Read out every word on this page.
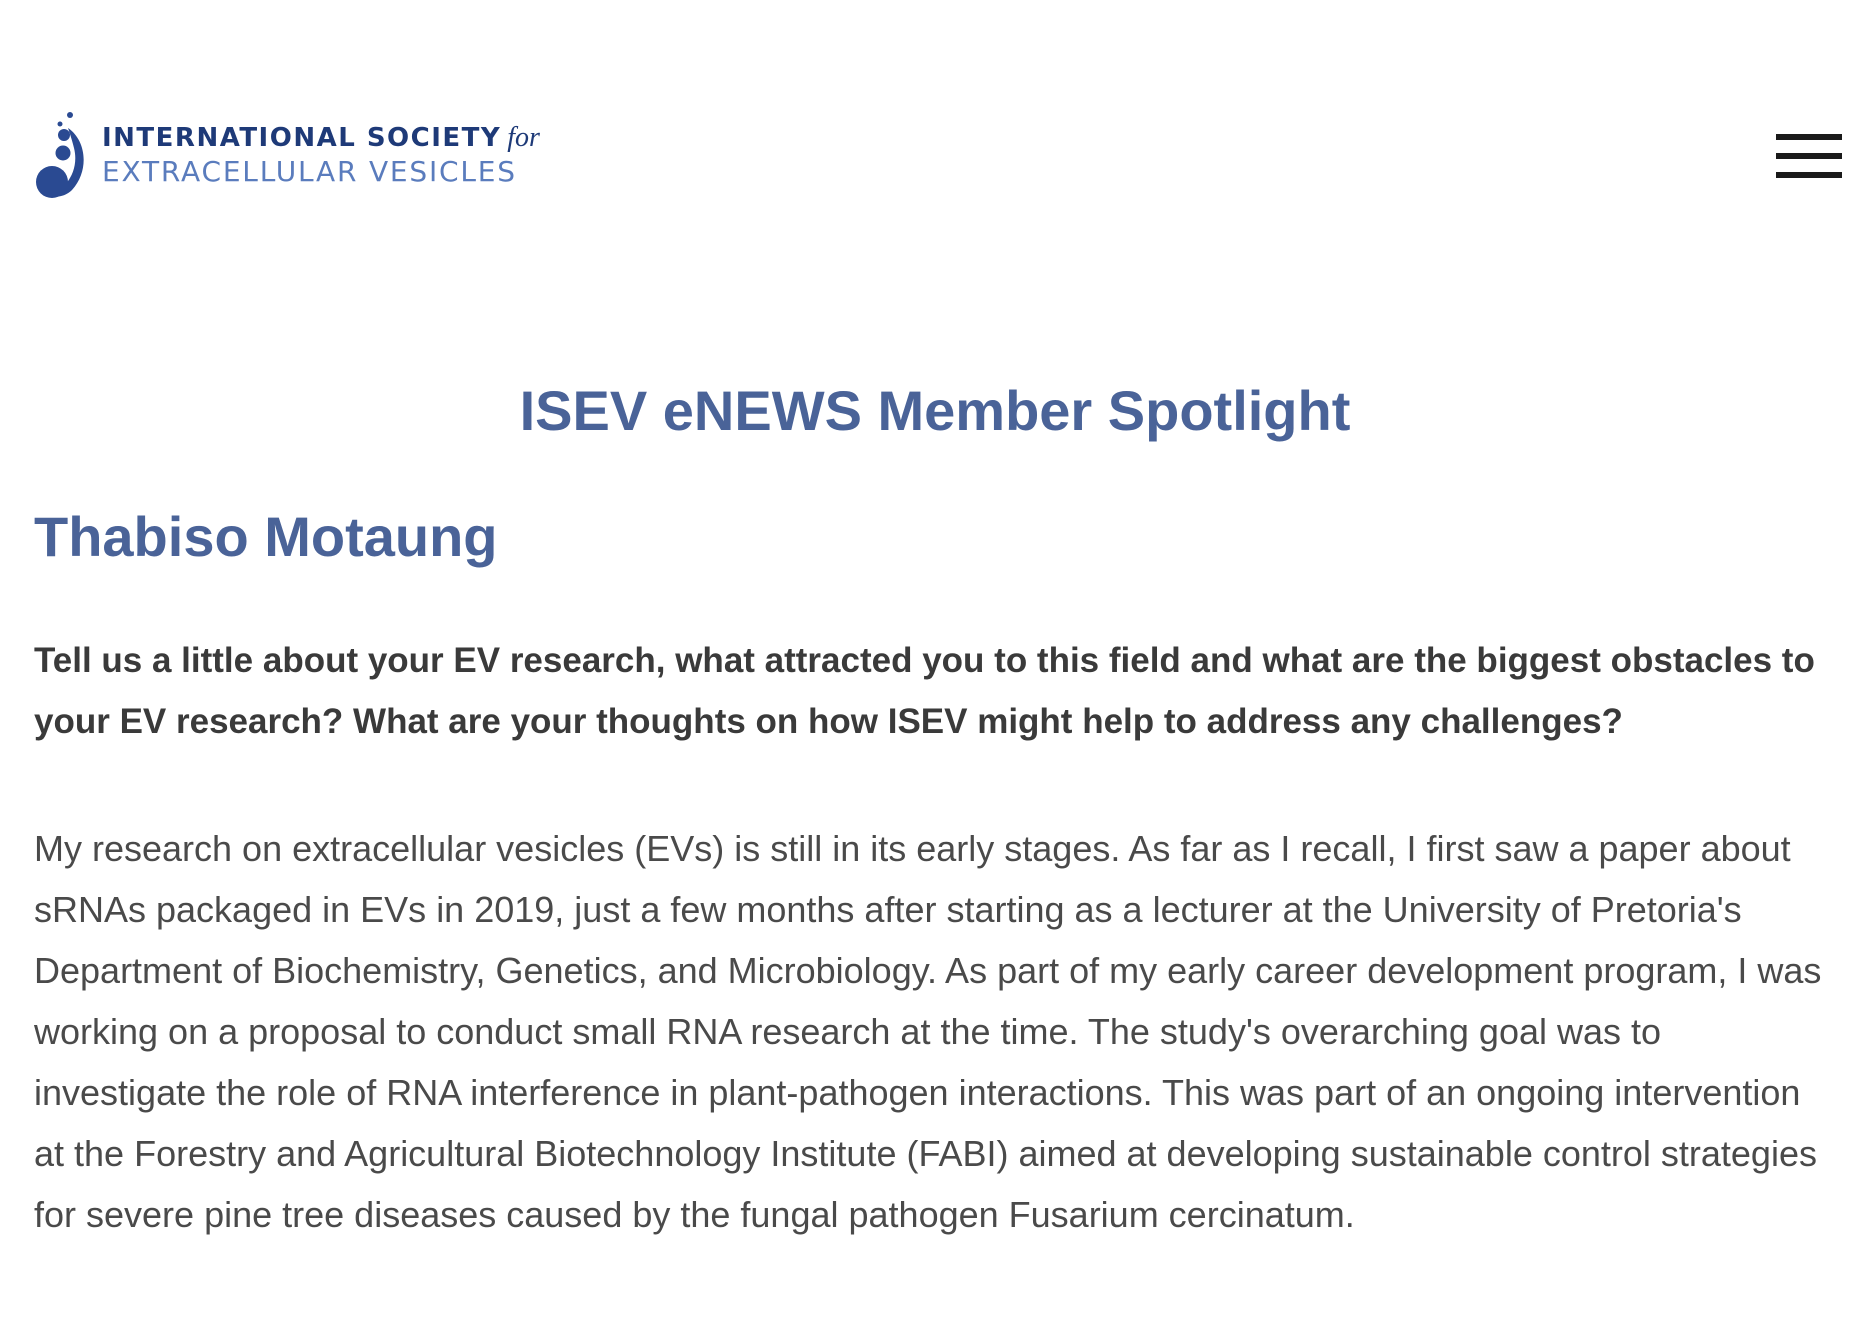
INTERNATIONAL SOCIETY for
EXTRACELLULAR VESICLES
ISEV eNEWS Member Spotlight
Thabiso Motaung

Tell us a little about your EV research, what attracted you to this field and what are the biggest obstacles to your EV research? What are your thoughts on how ISEV might help to address any challenges?

My research on extracellular vesicles (EVs) is still in its early stages. As far as I recall, I first saw a paper about sRNAs packaged in EVs in 2019, just a few months after starting as a lecturer at the University of Pretoria's Department of Biochemistry, Genetics, and Microbiology. As part of my early career development program, I was working on a proposal to conduct small RNA research at the time. The study's overarching goal was to investigate the role of RNA interference in plant-pathogen interactions. This was part of an ongoing intervention at the Forestry and Agricultural Biotechnology Institute (FABI) aimed at developing sustainable control strategies for severe pine tree diseases caused by the fungal pathogen Fusarium cercinatum.
